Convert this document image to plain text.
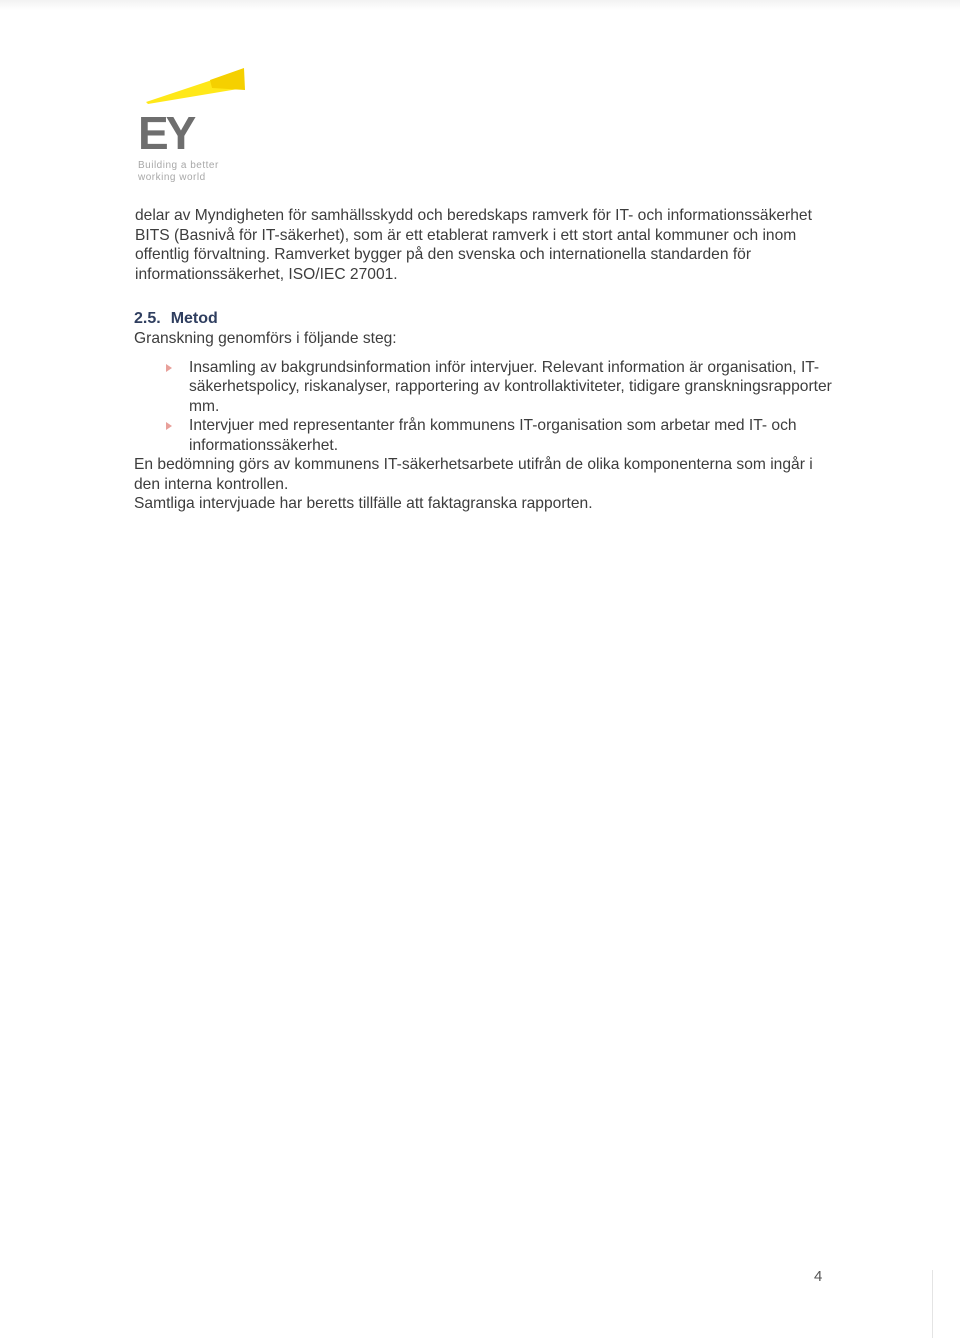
EY
Building a better
working world

delar av Myndigheten för samhällsskydd och beredskaps ramverk för IT- och informationssäkerhet BITS (Basnivå för IT-säkerhet), som är ett etablerat ramverk i ett stort antal kommuner och inom offentlig förvaltning. Ramverket bygger på den svenska och internationella standarden för informationssäkerhet, ISO/IEC 27001.

2.5. Metod

Granskning genomförs i följande steg:

Insamling av bakgrundsinformation inför intervjuer. Relevant information är organisation, IT-säkerhetspolicy, riskanalyser, rapportering av kontrollaktiviteter, tidigare granskningsrapporter mm.
Intervjuer med representanter från kommunens IT-organisation som arbetar med IT- och informationssäkerhet.

En bedömning görs av kommunens IT-säkerhetsarbete utifrån de olika komponenterna som ingår i den interna kontrollen.

Samtliga intervjuade har beretts tillfälle att faktagranska rapporten.

4
